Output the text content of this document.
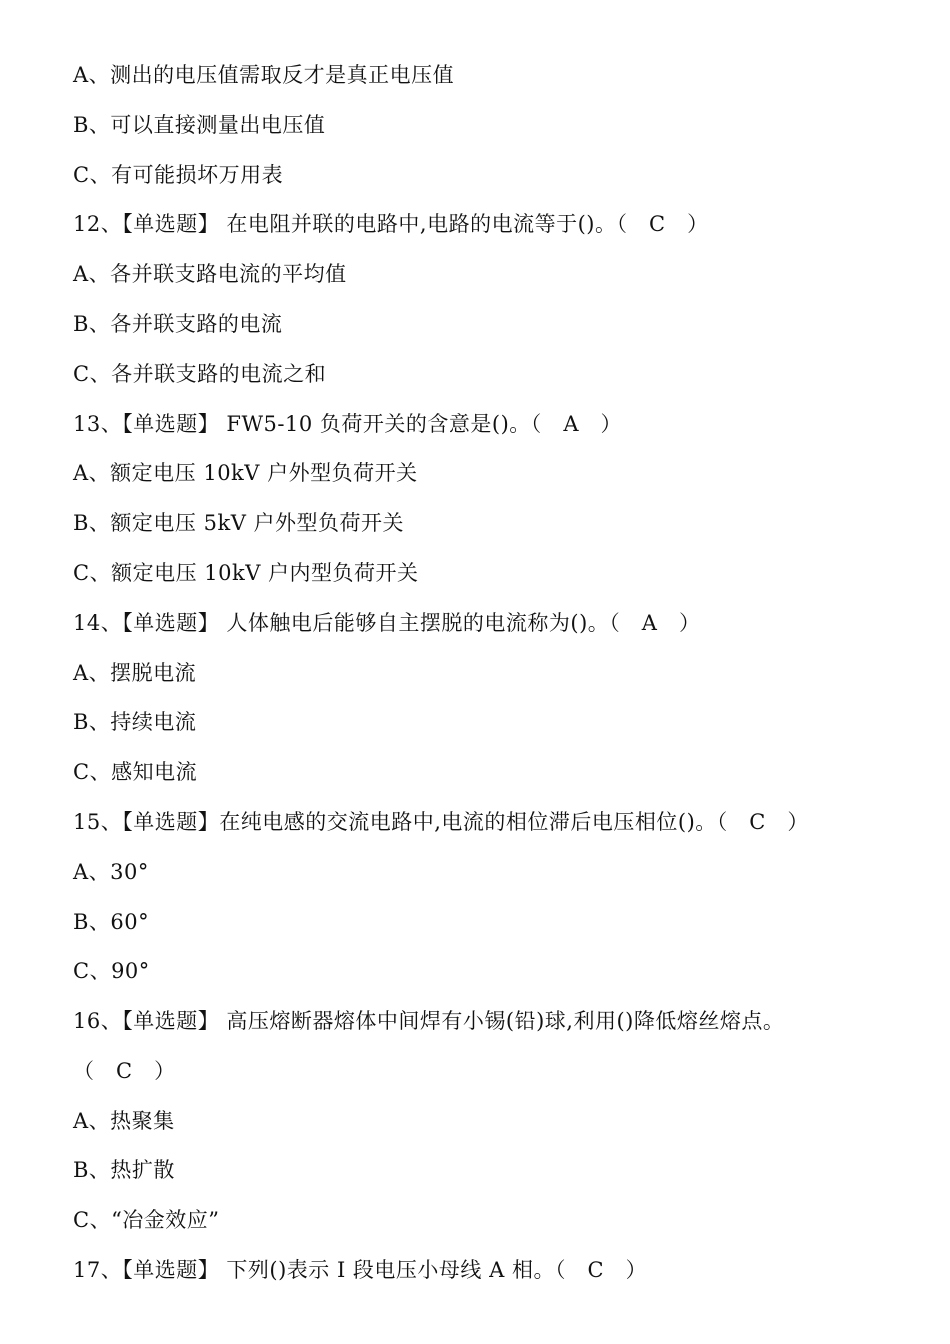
A、测出的电压值需取反才是真正电压值
B、可以直接测量出电压值
C、有可能损坏万用表
12、【单选题】 在电阻并联的电路中,电路的电流等于()。（   C   ）
A、各并联支路电流的平均值
B、各并联支路的电流
C、各并联支路的电流之和
13、【单选题】 FW5-10 负荷开关的含意是()。（   A   ）
A、额定电压 10kV 户外型负荷开关
B、额定电压 5kV 户外型负荷开关
C、额定电压 10kV 户内型负荷开关
14、【单选题】 人体触电后能够自主摆脱的电流称为()。（   A   ）
A、摆脱电流
B、持续电流
C、感知电流
15、【单选题】在纯电感的交流电路中,电流的相位滞后电压相位()。（   C   ）
A、30°
B、60°
C、90°
16、【单选题】 高压熔断器熔体中间焊有小锡(铅)球,利用()降低熔丝熔点。
（   C   ）
A、热聚集
B、热扩散
C、“冶金效应”
17、【单选题】 下列()表示 I 段电压小母线 A 相。（   C   ）
